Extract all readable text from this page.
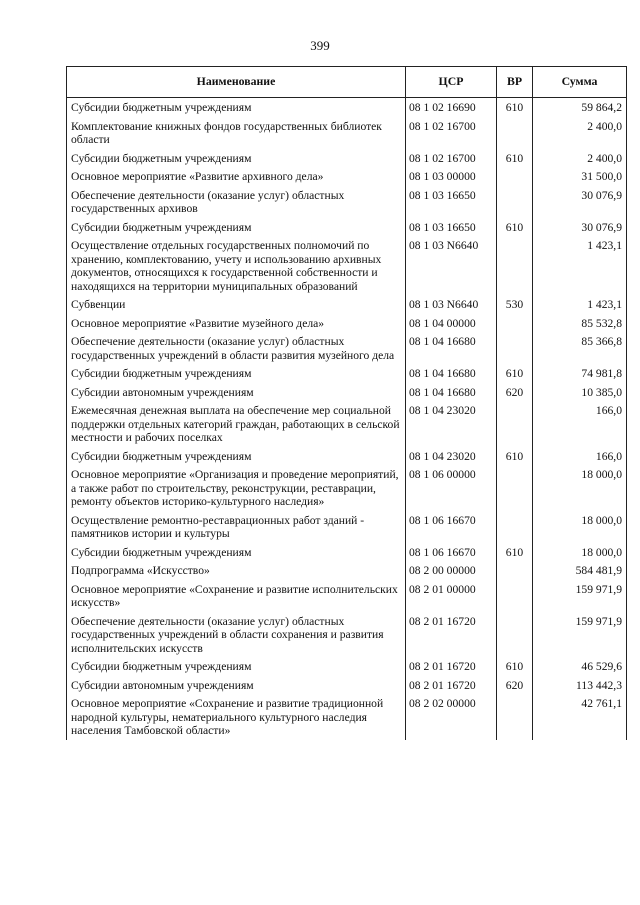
399
Наименование	ЦСР	ВР	Сумма
Субсидии бюджетным учреждениям	08 1 02 16690	610	59 864,2
Комплектование книжных фондов государственных библиотек области	08 1 02 16700		2 400,0
Субсидии бюджетным учреждениям	08 1 02 16700	610	2 400,0
Основное мероприятие «Развитие архивного дела»	08 1 03 00000		31 500,0
Обеспечение деятельности (оказание услуг) областных государственных архивов	08 1 03 16650		30 076,9
Субсидии бюджетным учреждениям	08 1 03 16650	610	30 076,9
Осуществление отдельных государственных полномочий по хранению, комплектованию, учету и использованию архивных документов, относящихся к государственной собственности и находящихся на территории муниципальных образований	08 1 03 N6640		1 423,1
Субвенции	08 1 03 N6640	530	1 423,1
Основное мероприятие «Развитие музейного дела»	08 1 04 00000		85 532,8
Обеспечение деятельности (оказание услуг) областных государственных учреждений в области развития музейного дела	08 1 04 16680		85 366,8
Субсидии бюджетным учреждениям	08 1 04 16680	610	74 981,8
Субсидии автономным учреждениям	08 1 04 16680	620	10 385,0
Ежемесячная денежная выплата на обеспечение мер социальной поддержки отдельных категорий граждан, работающих в сельской местности и рабочих поселках	08 1 04 23020		166,0
Субсидии бюджетным учреждениям	08 1 04 23020	610	166,0
Основное мероприятие «Организация и проведение мероприятий, а также работ по строительству, реконструкции, реставрации, ремонту объектов историко-культурного наследия»	08 1 06 00000		18 000,0
Осуществление ремонтно-реставрационных работ зданий - памятников истории и культуры	08 1 06 16670		18 000,0
Субсидии бюджетным учреждениям	08 1 06 16670	610	18 000,0
Подпрограмма «Искусство»	08 2 00 00000		584 481,9
Основное мероприятие «Сохранение и развитие исполнительских искусств»	08 2 01 00000		159 971,9
Обеспечение деятельности (оказание услуг) областных государственных учреждений в области сохранения и развития исполнительских искусств	08 2 01 16720		159 971,9
Субсидии бюджетным учреждениям	08 2 01 16720	610	46 529,6
Субсидии автономным учреждениям	08 2 01 16720	620	113 442,3
Основное мероприятие «Сохранение и развитие традиционной народной культуры, нематериального культурного наследия населения Тамбовской области»	08 2 02 00000		42 761,1
